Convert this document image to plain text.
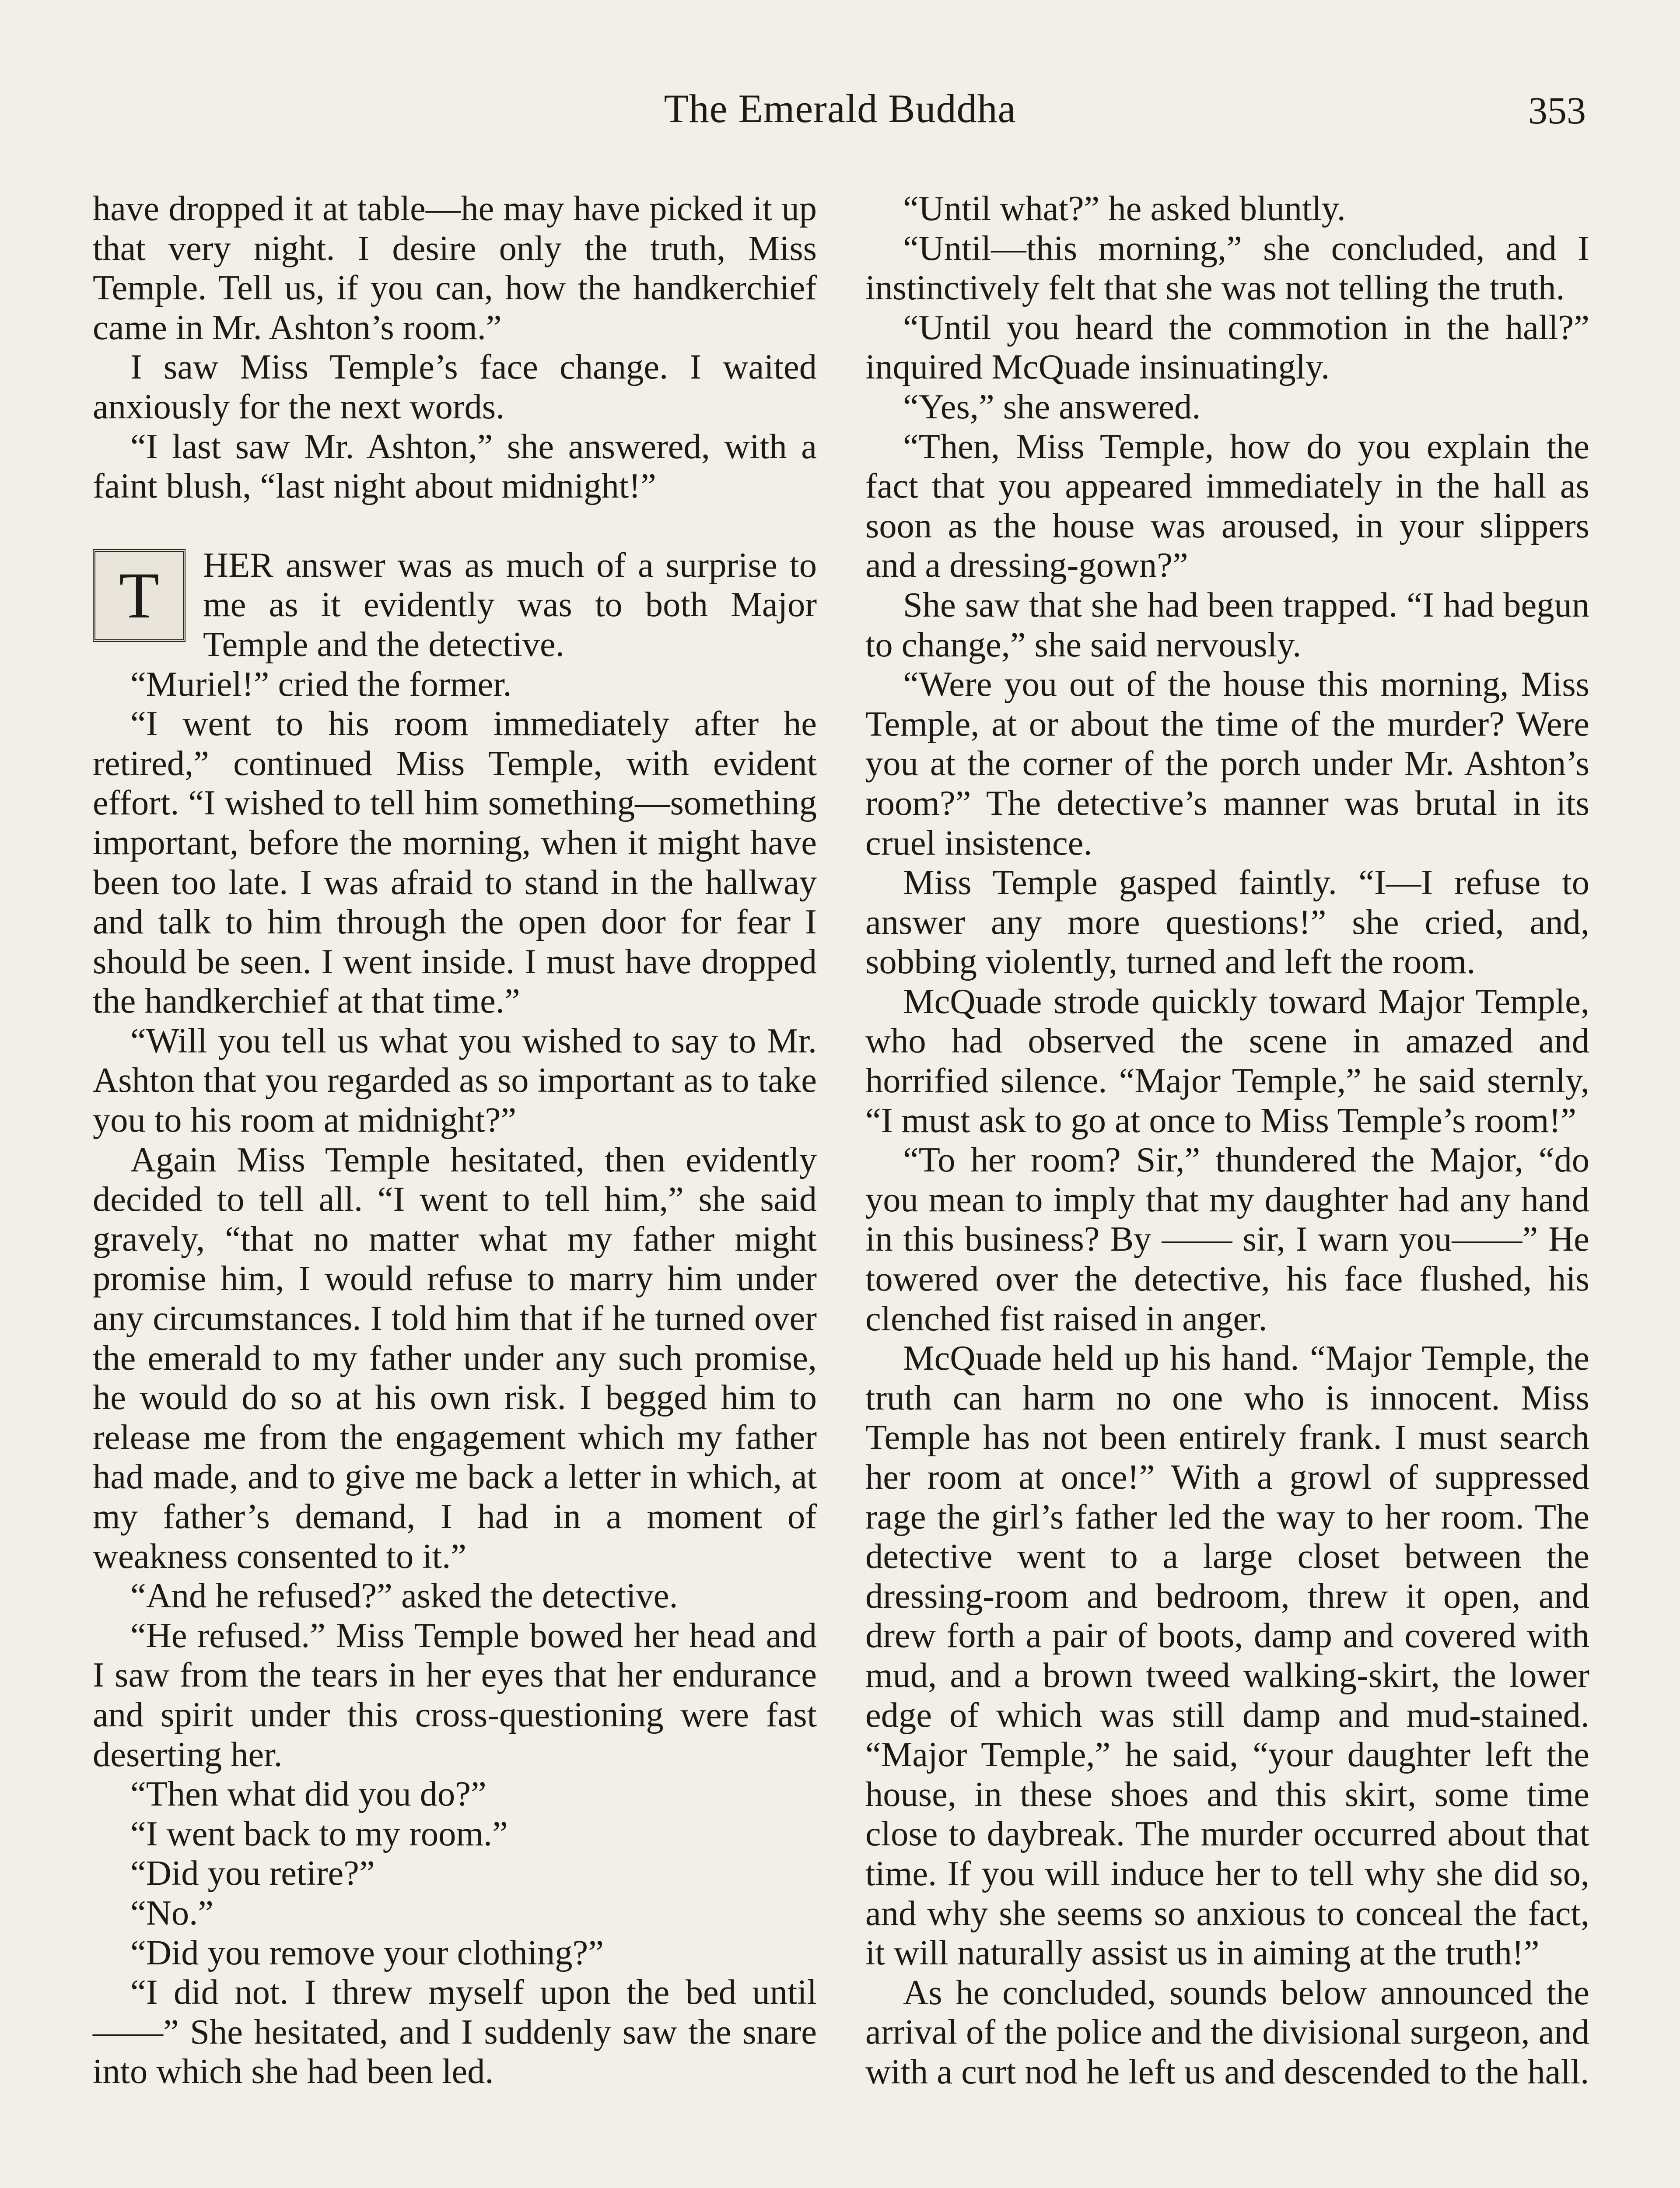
The Emerald Buddha	353

have dropped it at table—he may have picked it up that very night. I desire only the truth, Miss Temple. Tell us, if you can, how the handkerchief came in Mr. Ashton’s room.”

I saw Miss Temple’s face change. I waited anxiously for the next words.

“I last saw Mr. Ashton,” she answered, with a faint blush, “last night about midnight!”

T	HER answer was as much of a surprise to me as it evidently was to both Major Temple and the detective.

“Muriel!” cried the former.

“I went to his room immediately after he retired,” continued Miss Temple, with evident effort. “I wished to tell him something—something important, before the morning, when it might have been too late. I was afraid to stand in the hallway and talk to him through the open door for fear I should be seen. I went inside. I must have dropped the handkerchief at that time.”

“Will you tell us what you wished to say to Mr. Ashton that you regarded as so important as to take you to his room at midnight?”

Again Miss Temple hesitated, then evidently decided to tell all. “I went to tell him,” she said gravely, “that no matter what my father might promise him, I would refuse to marry him under any circumstances. I told him that if he turned over the emerald to my father under any such promise, he would do so at his own risk. I begged him to release me from the engagement which my father had made, and to give me back a letter in which, at my father’s demand, I had in a moment of weakness consented to it.”

“And he refused?” asked the detective.

“He refused.” Miss Temple bowed her head and I saw from the tears in her eyes that her endurance and spirit under this cross-questioning were fast deserting her.

“Then what did you do?”

“I went back to my room.”

“Did you retire?”

“No.”

“Did you remove your clothing?”

“I did not. I threw myself upon the bed until——” She hesitated, and I suddenly saw the snare into which she had been led.

“Until what?” he asked bluntly.

“Until—this morning,” she concluded, and I instinctively felt that she was not telling the truth.

“Until you heard the commotion in the hall?” inquired McQuade insinuatingly.

“Yes,” she answered.

“Then, Miss Temple, how do you explain the fact that you appeared immediately in the hall as soon as the house was aroused, in your slippers and a dressing-gown?”

She saw that she had been trapped. “I had begun to change,” she said nervously.

“Were you out of the house this morning, Miss Temple, at or about the time of the murder? Were you at the corner of the porch under Mr. Ashton’s room?” The detective’s manner was brutal in its cruel insistence.

Miss Temple gasped faintly. “I—I refuse to answer any more questions!” she cried, and, sobbing violently, turned and left the room.

McQuade strode quickly toward Major Temple, who had observed the scene in amazed and horrified silence. “Major Temple,” he said sternly, “I must ask to go at once to Miss Temple’s room!”

“To her room? Sir,” thundered the Major, “do you mean to imply that my daughter had any hand in this business? By —— sir, I warn you——” He towered over the detective, his face flushed, his clenched fist raised in anger.

McQuade held up his hand. “Major Temple, the truth can harm no one who is innocent. Miss Temple has not been entirely frank. I must search her room at once!” With a growl of suppressed rage the girl’s father led the way to her room. The detective went to a large closet between the dressing-room and bedroom, threw it open, and drew forth a pair of boots, damp and covered with mud, and a brown tweed walking-skirt, the lower edge of which was still damp and mud-stained. “Major Temple,” he said, “your daughter left the house, in these shoes and this skirt, some time close to daybreak. The murder occurred about that time. If you will induce her to tell why she did so, and why she seems so anxious to conceal the fact, it will naturally assist us in aiming at the truth!”

As he concluded, sounds below announced the arrival of the police and the divisional surgeon, and with a curt nod he left us and descended to the hall.
